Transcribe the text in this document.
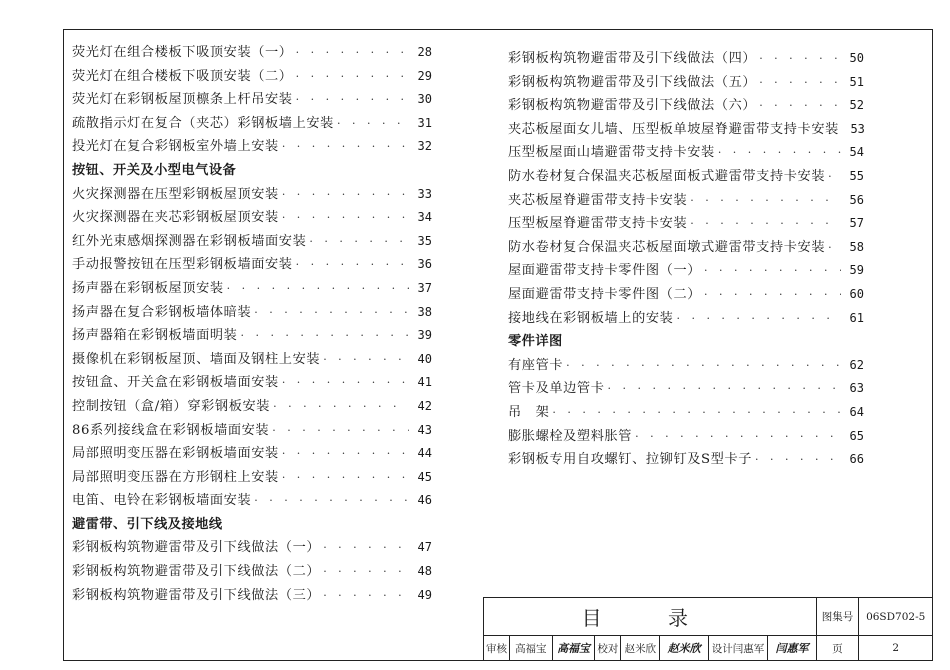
荧光灯在组合楼板下吸顶安装（一） · · ·	28
荧光灯在组合楼板下吸顶安装（二） · · ·	29
荧光灯在彩钢板屋顶檩条上杆吊安装 · · ·	30
疏散指示灯在复合（夹芯）彩钢板墙上安装 · · ·	31
投光灯在复合彩钢板室外墙上安装 · · ·	32
按钮、开关及小型电气设备
火灾探测器在压型彩钢板屋顶安装 · · ·	33
火灾探测器在夹芯彩钢板屋顶安装 · · ·	34
红外光束感烟探测器在彩钢板墙面安装 · · ·	35
手动报警按钮在压型彩钢板墙面安装 · · ·	36
扬声器在彩钢板屋顶安装 · · ·	37
扬声器在复合彩钢板墙体暗装 · · ·	38
扬声器箱在彩钢板墙面明装 · · ·	39
摄像机在彩钢板屋顶、墙面及钢柱上安装 · · ·	40
按钮盒、开关盒在彩钢板墙面安装 · · ·	41
控制按钮（盒/箱）穿彩钢板安装 · · ·	42
86系列接线盒在彩钢板墙面安装 · · ·	43
局部照明变压器在彩钢板墙面安装 · · ·	44
局部照明变压器在方形钢柱上安装 · · ·	45
电笛、电铃在彩钢板墙面安装 · · ·	46
避雷带、引下线及接地线
彩钢板构筑物避雷带及引下线做法（一） · · ·	47
彩钢板构筑物避雷带及引下线做法（二） · · ·	48
彩钢板构筑物避雷带及引下线做法（三） · · ·	49
彩钢板构筑物避雷带及引下线做法（四） · · ·	50
彩钢板构筑物避雷带及引下线做法（五） · · ·	51
彩钢板构筑物避雷带及引下线做法（六） · · ·	52
夹芯板屋面女儿墙、压型板单坡屋脊避雷带支持卡安装 53
压型板屋面山墙避雷带支持卡安装 · · ·	54
防水卷材复合保温夹芯板屋面板式避雷带支持卡安装 · · ·	55
夹芯板屋脊避雷带支持卡安装 · · ·	56
压型板屋脊避雷带支持卡安装 · · ·	57
防水卷材复合保温夹芯板屋面墩式避雷带支持卡安装 · · ·	58
屋面避雷带支持卡零件图（一） · · ·	59
屋面避雷带支持卡零件图（二） · · ·	60
接地线在彩钢板墙上的安装 · · ·	61
零件详图
有座管卡 · · ·	62
管卡及单边管卡 · · ·	63
吊　架 · · ·	64
膨胀螺栓及塑料胀管 · · ·	65
彩钢板专用自攻螺钉、拉铆钉及S型卡子 · · ·	66
目 录								图集号	06SD702-5
审核	高福宝	高福宝	校对	赵米欣	赵米欣	设计闫惠军	闫惠军	页	2
